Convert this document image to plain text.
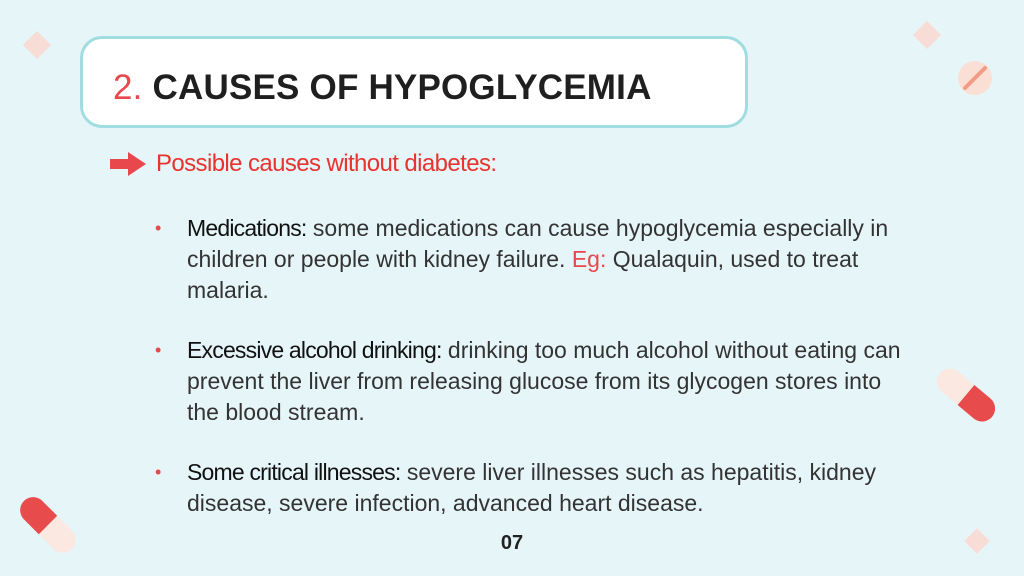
2. CAUSES OF HYPOGLYCEMIA
Possible causes without diabetes:
• Medications: some medications can cause hypoglycemia especially in children or people with kidney failure. Eg: Qualaquin, used to treat malaria.
• Excessive alcohol drinking: drinking too much alcohol without eating can prevent the liver from releasing glucose from its glycogen stores into the blood stream.
• Some critical illnesses: severe liver illnesses such as hepatitis, kidney disease, severe infection, advanced heart disease.
07
